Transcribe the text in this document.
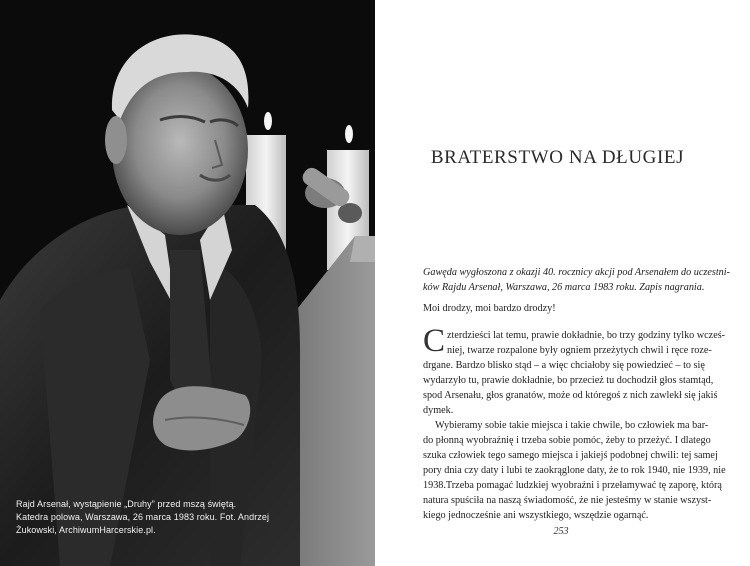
Rajd Arsenał, wystąpienie „Druhy” przed mszą świętą. Katedra polowa, Warszawa, 26 marca 1983 roku. Fot. Andrzej Żukowski, ArchiwumHarcerskie.pl.
BRATERSTWO NA DŁUGIEJ
Gawęda wygłoszona z okazji 40. rocznicy akcji pod Arsenałem do uczestni-
ków Rajdu Arsenał, Warszawa, 26 marca 1983 roku. Zapis nagrania.
Moi drodzy, moi bardzo drodzy!
C zterdzieści lat temu, prawie dokładnie, bo trzy godziny tylko wcześ-
niej, twarze rozpalone były ogniem przeżytych chwil i ręce roze-
drgane. Bardzo blisko stąd – a więc chciałoby się powiedzieć – to się
wydarzyło tu, prawie dokładnie, bo przecież tu dochodził głos stamtąd,
spod Arsenału, głos granatów, może od któregoś z nich zawlekł się jakiś
dymek.
Wybieramy sobie takie miejsca i takie chwile, bo człowiek ma bar-
do płonną wyobraźnię i trzeba sobie pomóc, żeby to przeżyć. I dlatego
szuka człowiek tego samego miejsca i jakiejś podobnej chwili: tej samej
pory dnia czy daty i lubi te zaokrąglone daty, że to rok 1940, nie 1939, nie
1938.Trzeba pomagać ludzkiej wyobraźni i przełamywać tę zaporę, którą
natura spuściła na naszą świadomość, że nie jesteśmy w stanie wszyst-
kiego jednocześnie ani wszystkiego, wszędzie ogarnąć.
253
